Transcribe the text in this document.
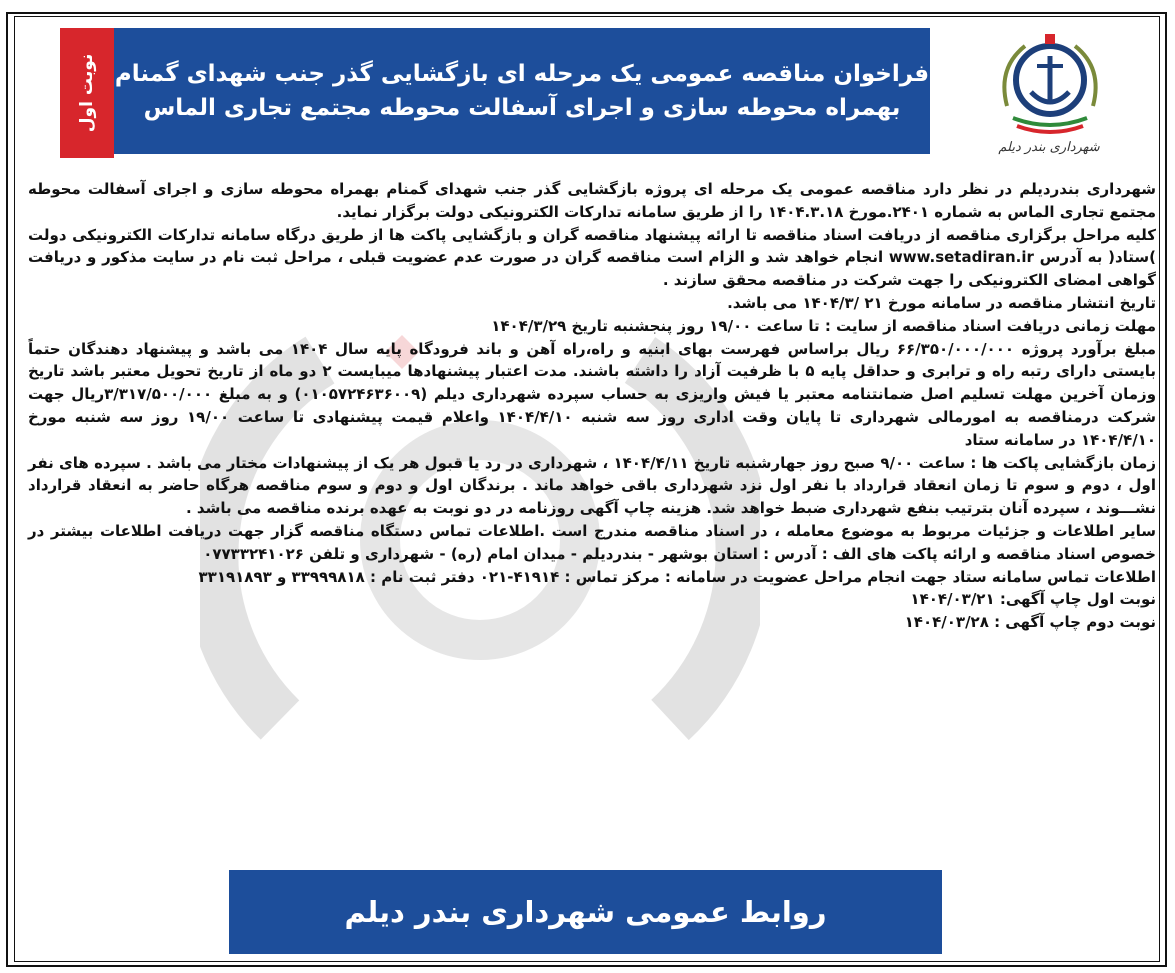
شهرداری بندر دیلم
فراخوان مناقصه عمومی یک مرحله ای بازگشایی گذر جنب شهدای گمنام
بهمراه محوطه سازی و اجرای آسفالت محوطه مجتمع تجاری الماس
نوبت اول

شهرداری بندردیلم در نظر دارد مناقصه عمومی یک مرحله ای پروژه بازگشایی گذر جنب شهدای گمنام بهمراه محوطه سازی و اجرای آسفالت محوطه مجتمع تجاری الماس به شماره ۲۴۰۱.مورخ ۱۴۰۴.۳.۱۸ را از طریق سامانه تدارکات الکترونیکی دولت برگزار نماید.

کلیه مراحل برگزاری مناقصه از دریافت اسناد مناقصه تا ارائه پیشنهاد مناقصه گران و بازگشایی پاکت ها از طریق درگاه سامانه تدارکات الکترونیکی دولت )ستاد( به آدرس www.setadiran.ir انجام خواهد شد و الزام است مناقصه گران در صورت عدم عضویت قبلی ، مراحل ثبت نام در سایت مذکور و دریافت گواهی امضای الکترونیکی را جهت شرکت در مناقصه محقق سازند .

تاریخ انتشار مناقصه در سامانه مورخ ۲۱ /۱۴۰۴/۳ می باشد.

مهلت زمانی دریافت اسناد مناقصه از سایت : تا ساعت ۱۹/۰۰ روز پنجشنبه تاریخ ۱۴۰۴/۳/۲۹

مبلغ برآورد پروژه ۶۶/۳۵۰/۰۰۰/۰۰۰ ریال براساس فهرست بهای ابنیه و راه،راه آهن و باند فرودگاه پایه سال ۱۴۰۴ می باشد و پیشنهاد دهندگان حتماً بایستی دارای رتبه راه و ترابری و حداقل پایه ۵ با ظرفیت آزاد را داشته باشند. مدت اعتبار پیشنهادها میبایست ۲ دو ماه از تاریخ تحویل معتبر باشد تاریخ وزمان آخرین مهلت تسلیم اصل ضمانتنامه معتبر یا فیش واریزی به حساب سپرده شهرداری دیلم (۰۱۰۵۷۲۴۶۳۶۰۰۹) و به مبلغ ۳/۳۱۷/۵۰۰/۰۰۰ریال جهت شرکت درمناقصه به امورمالی شهرداری تا پایان وقت اداری روز سه شنبه ۱۴۰۴/۴/۱۰ واعلام قیمت پیشنهادی تا ساعت ۱۹/۰۰ روز سه شنبه مورخ ۱۴۰۴/۴/۱۰ در سامانه ستاد

زمان بازگشایی پاکت ها : ساعت ۹/۰۰ صبح روز جهارشنبه تاریخ ۱۴۰۴/۴/۱۱ ، شهرداری در رد یا قبول هر یک از پیشنهادات مختار می باشد . سپرده های نفر اول ، دوم و سوم تا زمان انعقاد قرارداد با نفر اول نزد شهرداری باقی خواهد ماند . برندگان اول و دوم و سوم مناقصه هرگاه حاضر به انعقاد قرارداد نشـــوند ، سپرده آنان بترتیب بنفع شهرداری ضبط خواهد شد. هزینه چاپ آگهی روزنامه در دو نوبت به عهده برنده مناقصه می باشد .

سایر اطلاعات و جزئیات مربوط به موضوع معامله ، در اسناد مناقصه مندرج است .اطلاعات تماس دستگاه مناقصه گزار جهت دریافت اطلاعات بیشتر در خصوص اسناد مناقصه و ارائه پاکت های الف : آدرس : استان بوشهر - بندردیلم - میدان امام (ره) - شهرداری و تلفن ۰۷۷۳۳۲۴۱۰۲۶

اطلاعات تماس سامانه ستاد جهت انجام مراحل عضویت در سامانه : مرکز تماس : ۴۱۹۱۴-۰۲۱ دفتر ثبت نام : ۳۳۹۹۹۸۱۸ و ۳۳۱۹۱۸۹۳

نوبت اول چاپ آگهی: ۱۴۰۴/۰۳/۲۱

نوبت دوم چاپ آگهی : ۱۴۰۴/۰۳/۲۸

روابط عمومی شهرداری بندر دیلم
